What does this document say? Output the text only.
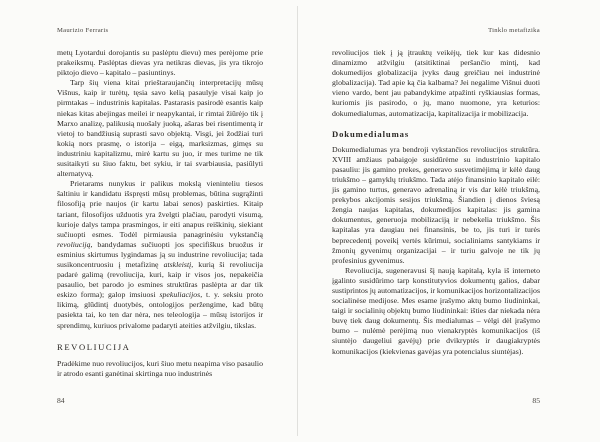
Maurizio Ferraris

metų Lyotardui dorojantis su paslėptu dievu) mes perėjome prie prakeiksmų. Paslėptas dievas yra netikras dievas, jis yra tikrojo piktojo dievo – kapitalo – pasiuntinys.

Tarp šių viena kitai prieštaraujančių interpretacijų mūsų Višnus, kaip ir turėtų, tęsia savo kelią pasaulyje visai kaip jo pirmtakas – industrinis kapitalas. Pastarasis pasirodė esantis kaip niekas kitas abejingas meilei ir neapykantai, ir rimtai žiūrėjo tik į Marxo analizę, palikusią nuošaly juoką, ašaras bei risentimentą ir vietoj to bandžiusią suprasti savo objektą. Visgi, jei žodžiai turi kokią nors prasmę, o istorija – eigą, marksizmas, gimęs su industriniu kapitalizmu, mirė kartu su juo, ir mes turime ne tik susitaikyti su šiuo faktu, bet sykiu, ir tai svarbiausia, pasiūlyti alternatyvą.

Prietarams nunykus ir palikus mokslą vieninteliu tiesos šaltiniu ir kandidatu išspręsti mūsų problemas, būtina sugrąžinti filosofiją prie naujos (ir kartu labai senos) paskirties. Kitaip tariant, filosofijos užduotis yra žvelgti plačiau, parodyti visumą, kurioje dalys tampa prasmingos, ir eiti anapus reiškinių, siekiant sučiuopti esmes. Todėl pirmiausia panagrinėsiu vykstančią revoliuciją, bandydamas sučiuopti jos specifiškus bruožus ir esminius skirtumus lygindamas ją su industrine revoliucija; tada susikoncentruosiu į metafizinę atskleistį, kurią ši revoliucija padarė galimą (revoliucija, kuri, kaip ir visos jos, nepakeičia pasaulio, bet parodo jo esmines struktūras paslėpta ar dar tik eskizo forma); galop imsiuosi spekuliacijos, t. y. seksiu proto likimą, glūdintį duotybės, ontologijos peržengime, kad būtų pasiekta tai, ko ten dar nėra, nes teleologija – mūsų istorijos ir sprendimų, kuriuos privalome padaryti ateities atžvilgiu, tikslas.

REVOLIUCIJA

Pradėkime nuo revoliucijos, kuri šiuo metu neapima viso pasaulio ir atrodo esanti ganėtinai skirtinga nuo industrinės

84
Tinklo metafizika

revoliucijos tiek į ją įtrauktų veikėjų, tiek kur kas didesnio dinamizmo atžvilgiu (atsitiktinai peršančio mintį, kad dokumedijos globalizacija įvyks daug greičiau nei industrinė globalizacija). Tad apie ką čia kalbama? Jei negalime Višnui duoti vieno vardo, bent jau pabandykime atpažinti ryškiausias formas, kuriomis jis pasirodo, o jų, mano nuomone, yra keturios: dokumedialumas, automatizacija, kapitalizacija ir mobilizacija.

Dokumedialumas

Dokumedialumas yra bendroji vykstančios revoliucijos struktūra. XVIII amžiaus pabaigoje susidūrėme su industrinio kapitalo pasauliu: jis gamino prekes, generavo susvetimėjimą ir kėlė daug triukšmo – gamyklų triukšmo. Tada atėjo finansinio kapitalo eilė: jis gamino turtus, generavo adrenaliną ir vis dar kėlė triukšmą, prekybos akcijomis sesijos triukšmą. Šiandien į dienos šviesą žengia naujas kapitalas, dokumedijos kapitalas: jis gamina dokumentus, generuoja mobilizaciją ir nebekelia triukšmo. Šis kapitalas yra daugiau nei finansinis, be to, jis turi ir turės beprecedentį poveikį vertės kūrimui, socialiniams santykiams ir žmonių gyvenimų organizacijai – ir turiu galvoje ne tik jų profesinius gyvenimus.

Revoliucija, sugeneravusi šį naują kapitalą, kyla iš interneto įgalinto susidūrimo tarp konstitutyvios dokumentų galios, dabar sustiprintos jų automatizacijos, ir komunikacijos horizontalizacijos socialinėse medijose. Mes esame įrašymo aktų bumo liudininkai, taigi ir socialinių objektų bumo liudininkai: išties dar niekada nėra buvę tiek daug dokumentų. Šis medialumas – vėlgi dėl įrašymo bumo – nulėmė perėjimą nuo vienakryptės komunikacijos (iš siuntėjo daugeliui gavėjų) prie dvikryptės ir daugiakryptės komunikacijos (kiekvienas gavėjas yra potencialus siuntėjas).

85
